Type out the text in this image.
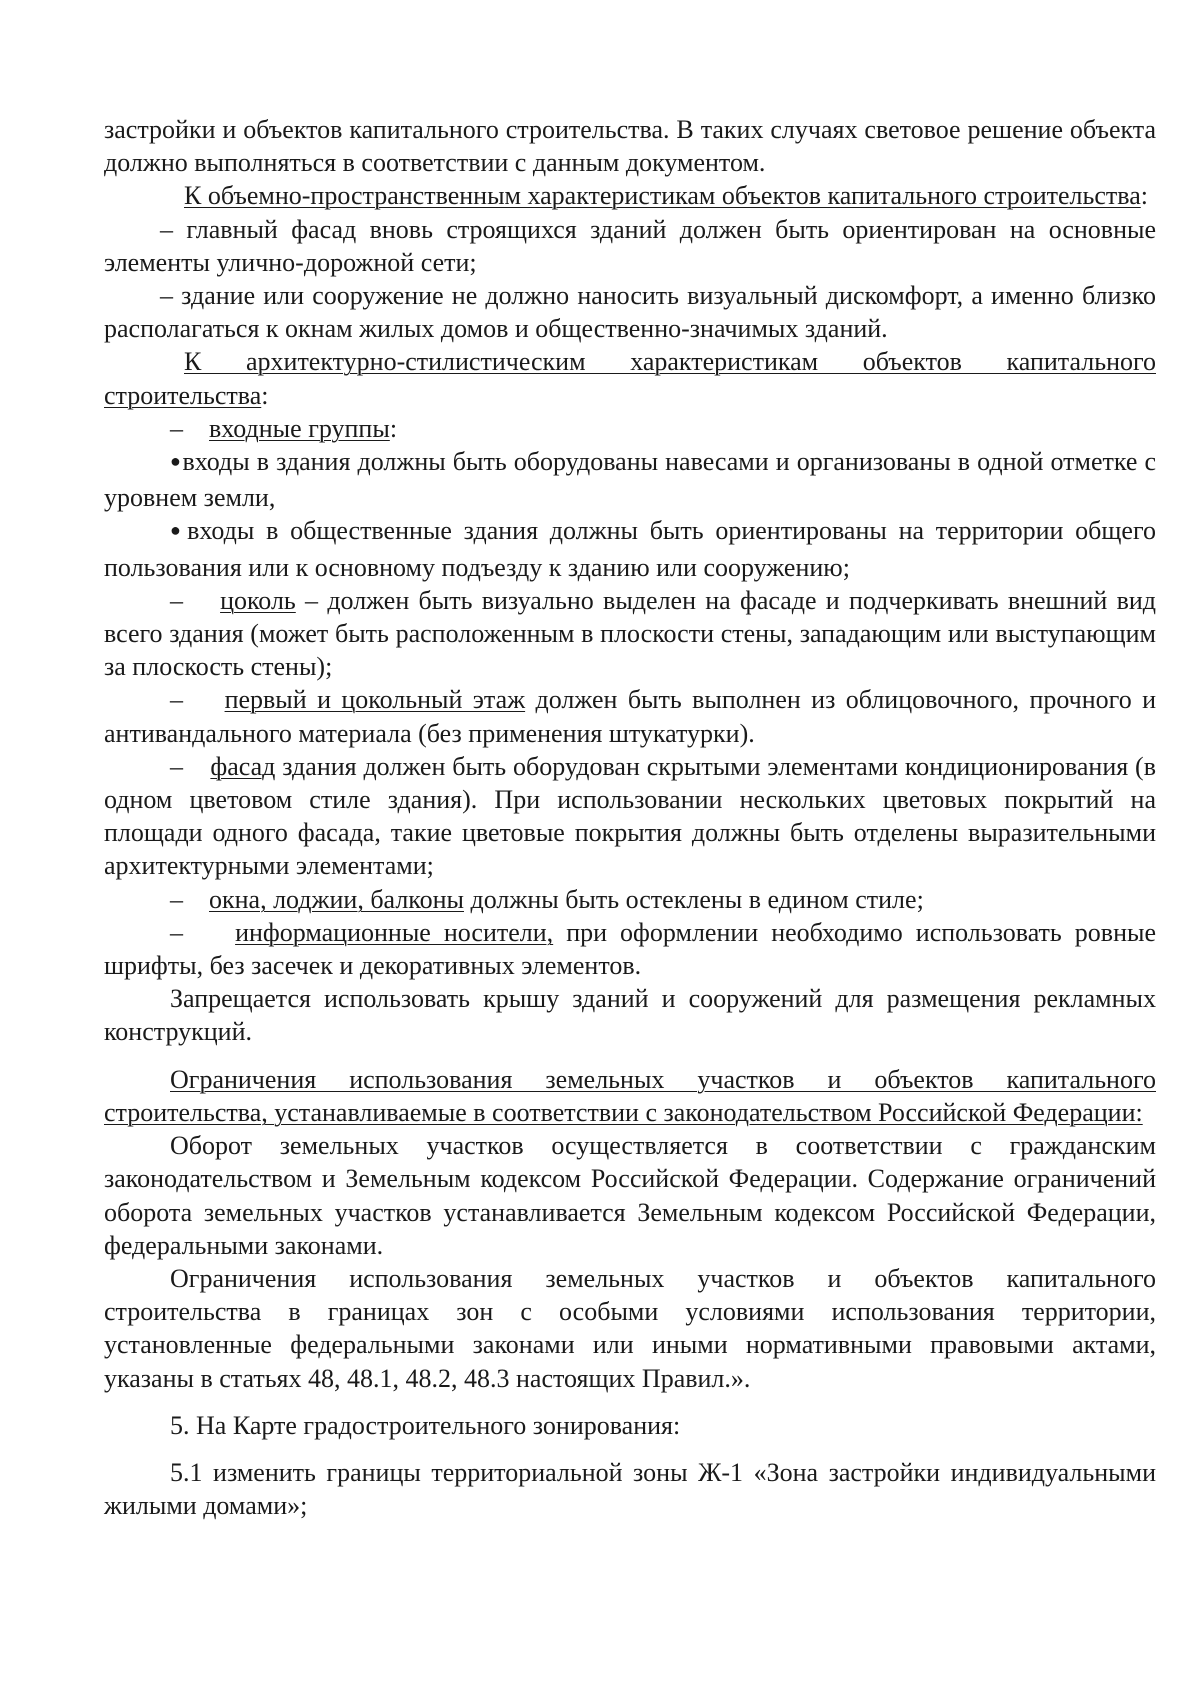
застройки и объектов капитального строительства. В таких случаях световое решение объекта должно выполняться в соответствии с данным документом.

К объемно-пространственным характеристикам объектов капитального строительства:

– главный фасад вновь строящихся зданий должен быть ориентирован на основные элементы улично-дорожной сети;

– здание или сооружение не должно наносить визуальный дискомфорт, а именно близко располагаться к окнам жилых домов и общественно-значимых зданий.

К архитектурно-стилистическим характеристикам объектов капитального строительства:

– входные группы:

●входы в здания должны быть оборудованы навесами и организованы в одной отметке с уровнем земли,

●входы в общественные здания должны быть ориентированы на территории общего пользования или к основному подъезду к зданию или сооружению;

– цоколь – должен быть визуально выделен на фасаде и подчеркивать внешний вид всего здания (может быть расположенным в плоскости стены, западающим или выступающим за плоскость стены);

– первый и цокольный этаж должен быть выполнен из облицовочного, прочного и антивандального материала (без применения штукатурки).

– фасад здания должен быть оборудован скрытыми элементами кондиционирования (в одном цветовом стиле здания). При использовании нескольких цветовых покрытий на площади одного фасада, такие цветовые покрытия должны быть отделены выразительными архитектурными элементами;

– окна, лоджии, балконы должны быть остеклены в едином стиле;

– информационные носители, при оформлении необходимо использовать ровные шрифты, без засечек и декоративных элементов.

Запрещается использовать крышу зданий и сооружений для размещения рекламных конструкций.

Ограничения использования земельных участков и объектов капитального строительства, устанавливаемые в соответствии с законодательством Российской Федерации:

Оборот земельных участков осуществляется в соответствии с гражданским законодательством и Земельным кодексом Российской Федерации. Содержание ограничений оборота земельных участков устанавливается Земельным кодексом Российской Федерации, федеральными законами.

Ограничения использования земельных участков и объектов капитального строительства в границах зон с особыми условиями использования территории, установленные федеральными законами или иными нормативными правовыми актами, указаны в статьях 48, 48.1, 48.2, 48.3 настоящих Правил.».

5. На Карте градостроительного зонирования:

5.1 изменить границы территориальной зоны Ж-1 «Зона застройки индивидуальными жилыми домами»;
